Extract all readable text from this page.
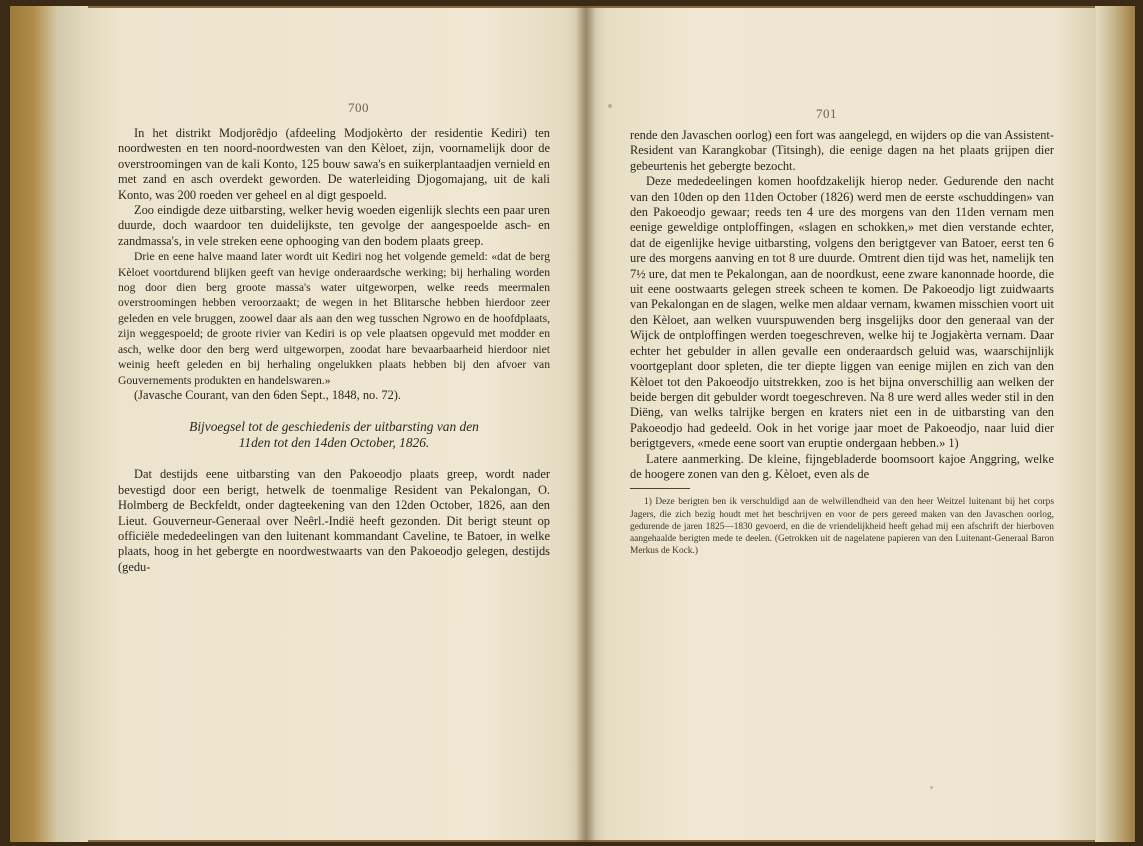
700

In het distrikt Modjorêdjo (afdeeling Modjokèrto der residentie Kediri) ten noordwesten en ten noord-noordwesten van den Kèloet, zijn, voornamelijk door de overstroomingen van de kali Konto, 125 bouw sawa's en suikerplantaadjen vernield en met zand en asch overdekt geworden. De waterleiding Djogomajang, uit de kali Konto, was 200 roeden ver geheel en al digt gespoeld.

Zoo eindigde deze uitbarsting, welker hevig woeden eigenlijk slechts een paar uren duurde, doch waardoor ten duidelijkste, ten gevolge der aangespoelde asch- en zandmassa's, in vele streken eene ophooging van den bodem plaats greep.

Drie en eene halve maand later wordt uit Kediri nog het volgende gemeld: «dat de berg Kèloet voortdurend blijken geeft van hevige onderaardsche werking; bij herhaling worden nog door dien berg groote massa's water uitgeworpen, welke reeds meermalen overstroomingen hebben veroorzaakt; de wegen in het Blitarsche hebben hierdoor zeer geleden en vele bruggen, zoowel daar als aan den weg tusschen Ngrowo en de hoofdplaats, zijn weggespoeld; de groote rivier van Kediri is op vele plaatsen opgevuld met modder en asch, welke door den berg werd uitgeworpen, zoodat hare bevaarbaarheid hierdoor niet weinig heeft geleden en bij herhaling ongelukken plaats hebben bij den afvoer van Gouvernements produkten en handelswaren.»

(Javasche Courant, van den 6den Sept., 1848, no. 72).

Bijvoegsel tot de geschiedenis der uitbarsting van den
11den tot den 14den October, 1826.

Dat destijds eene uitbarsting van den Pakoeodjo plaats greep, wordt nader bevestigd door een berigt, hetwelk de toenmalige Resident van Pekalongan, O. Holmberg de Beckfeldt, onder dagteekening van den 12den October, 1826, aan den Lieut. Gouverneur-Generaal over Neêrl.-Indië heeft gezonden. Dit berigt steunt op officiële mededeelingen van den luitenant kommandant Caveline, te Batoer, in welke plaats, hoog in het gebergte en noordwestwaarts van den Pakoeodjo gelegen, destijds (gedu-

701

rende den Javaschen oorlog) een fort was aangelegd, en wijders op die van Assistent-Resident van Karangkobar (Titsingh), die eenige dagen na het plaats grijpen dier gebeurtenis het gebergte bezocht.

Deze mededeelingen komen hoofdzakelijk hierop neder. Gedurende den nacht van den 10den op den 11den October (1826) werd men de eerste «schuddingen» van den Pakoeodjo gewaar; reeds ten 4 ure des morgens van den 11den vernam men eenige geweldige ontploffingen, «slagen en schokken,» met dien verstande echter, dat de eigenlijke hevige uitbarsting, volgens den berigtgever van Batoer, eerst ten 6 ure des morgens aanving en tot 8 ure duurde. Omtrent dien tijd was het, namelijk ten 7½ ure, dat men te Pekalongan, aan de noordkust, eene zware kanonnade hoorde, die uit eene oostwaarts gelegen streek scheen te komen. De Pakoeodjo ligt zuidwaarts van Pekalongan en de slagen, welke men aldaar vernam, kwamen misschien voort uit den Kèloet, aan welken vuurspuwenden berg insgelijks door den generaal van der Wijck de ontploffingen werden toegeschreven, welke hij te Jogjakèrta vernam. Daar echter het gebulder in allen gevalle een onderaardsch geluid was, waarschijnlijk voortgeplant door spleten, die ter diepte liggen van eenige mijlen en zich van den Kèloet tot den Pakoeodjo uitstrekken, zoo is het bijna onverschillig aan welken der beide bergen dit gebulder wordt toegeschreven. Na 8 ure werd alles weder stil in den Diëng, van welks talrijke bergen en kraters niet een in de uitbarsting van den Pakoeodjo had gedeeld. Ook in het vorige jaar moet de Pakoeodjo, naar luid dier berigtgevers, «mede eene soort van eruptie ondergaan hebben.» 1)

Latere aanmerking. De kleine, fijngebladerde boomsoort kajoe Anggring, welke de hoogere zonen van den g. Kèloet, even als de

1) Deze berigten ben ik verschuldigd aan de welwillendheid van den heer Weitzel luitenant bij het corps Jagers, die zich bezig houdt met het beschrijven en voor de pers gereed maken van den Javaschen oorlog, gedurende de jaren 1825—1830 gevoerd, en die de vriendelijkheid heeft gehad mij een afschrift der hierboven aangehaalde berigten mede te deelen. (Getrokken uit de nagelatene papieren van den Luitenant-Generaal Baron Merkus de Kock.)
